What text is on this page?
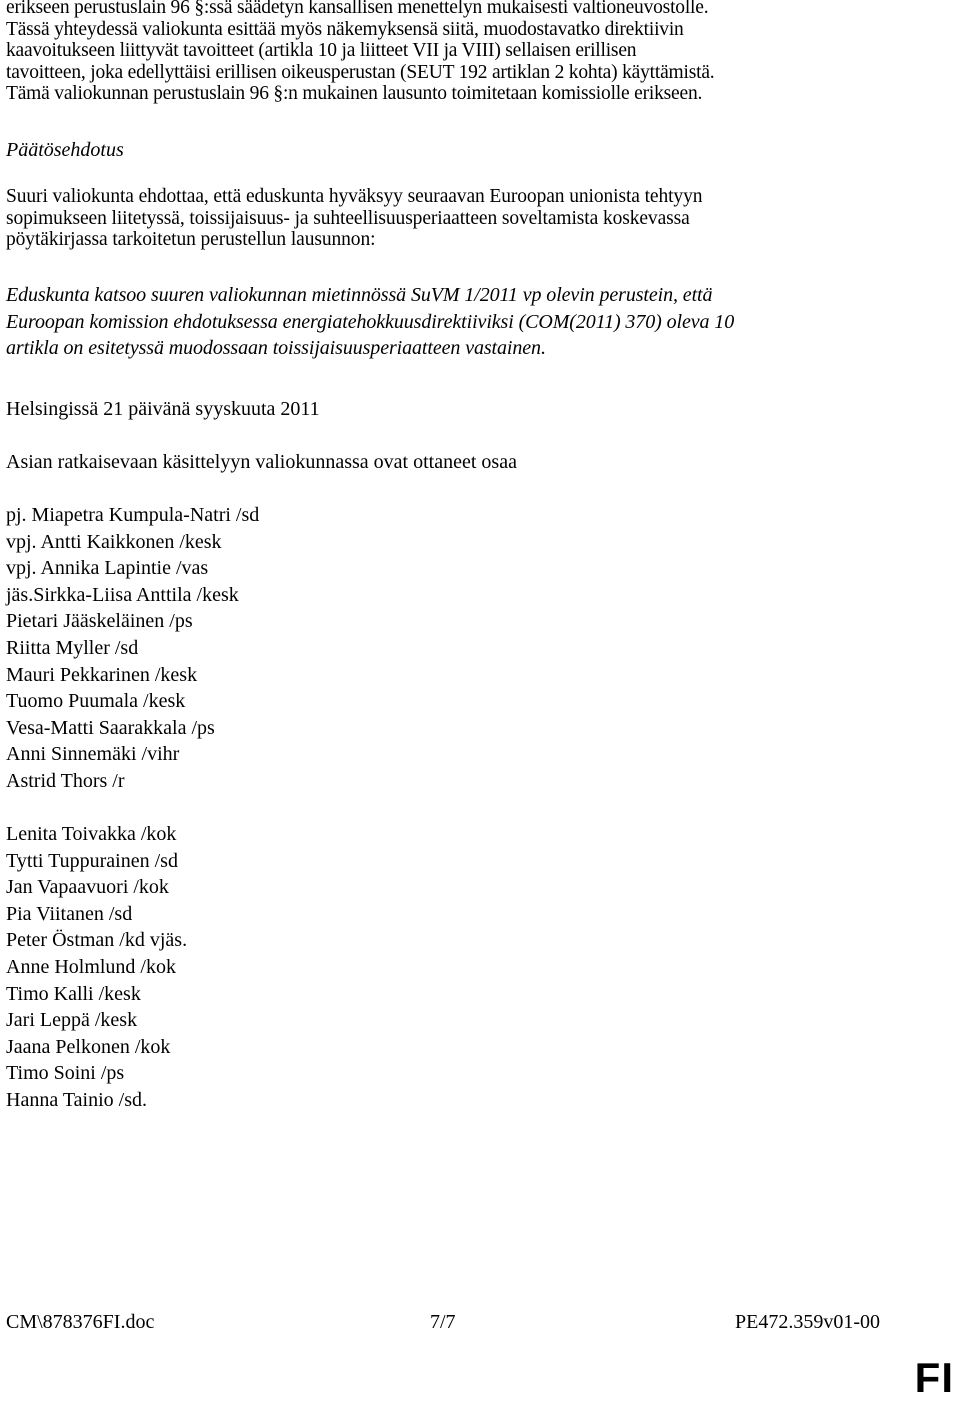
erikseen perustuslain 96 §:ssä säädetyn kansallisen menettelyn mukaisesti valtioneuvostolle.

Tässä yhteydessä valiokunta esittää myös näkemyksensä siitä, muodostavatko direktiivin

kaavoitukseen liittyvät tavoitteet (artikla 10 ja liitteet VII ja VIII) sellaisen erillisen

tavoitteen, joka edellyttäisi erillisen oikeusperustan (SEUT 192 artiklan 2 kohta) käyttämistä.

Tämä valiokunnan perustuslain 96 §:n mukainen lausunto toimitetaan komissiolle erikseen.

Päätösehdotus

Suuri valiokunta ehdottaa, että eduskunta hyväksyy seuraavan Euroopan unionista tehtyyn

sopimukseen liitetyssä, toissijaisuus- ja suhteellisuusperiaatteen soveltamista koskevassa

pöytäkirjassa tarkoitetun perustellun lausunnon:

Eduskunta katsoo suuren valiokunnan mietinnössä SuVM 1/2011 vp olevin perustein, että

Euroopan komission ehdotuksessa energiatehokkuusdirektiiviksi (COM(2011) 370) oleva 10

artikla on esitetyssä muodossaan toissijaisuusperiaatteen vastainen.

Helsingissä 21 päivänä syyskuuta 2011

Asian ratkaisevaan käsittelyyn valiokunnassa ovat ottaneet osaa

pj. Miapetra Kumpula-Natri /sd
vpj. Antti Kaikkonen /kesk
vpj. Annika Lapintie /vas
jäs.Sirkka-Liisa Anttila /kesk
Pietari Jääskeläinen /ps
Riitta Myller /sd
Mauri Pekkarinen /kesk
Tuomo Puumala /kesk
Vesa-Matti Saarakkala /ps
Anni Sinnemäki /vihr
Astrid Thors /r
Lenita Toivakka /kok
Tytti Tuppurainen /sd
Jan Vapaavuori /kok
Pia Viitanen /sd
Peter Östman /kd vjäs.
Anne Holmlund /kok
Timo Kalli /kesk
Jari Leppä /kesk
Jaana Pelkonen /kok
Timo Soini /ps
Hanna Tainio /sd.
CM\878376FI.doc	7/7	PE472.359v01-00
FI
